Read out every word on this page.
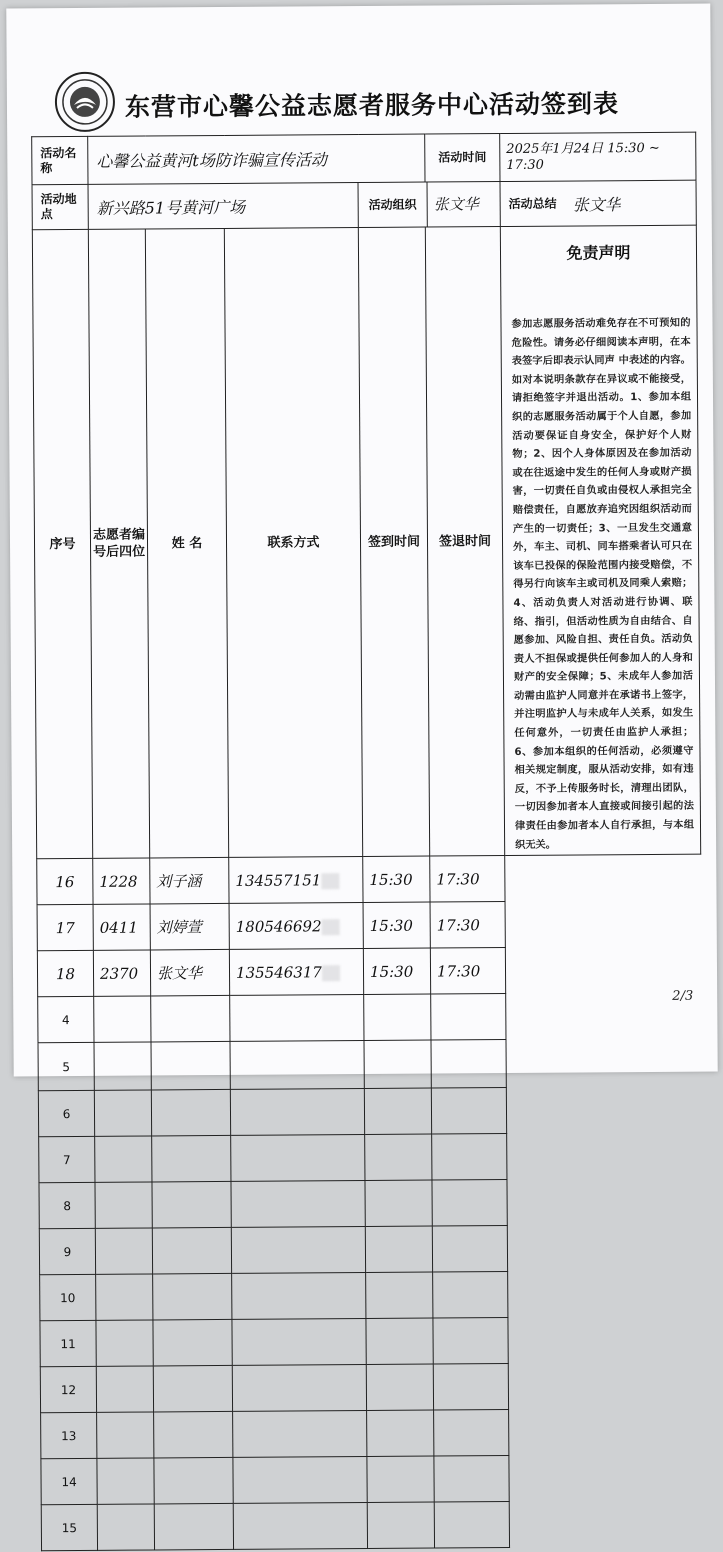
东营市心馨公益志愿者服务中心活动签到表
活动名称	心馨公益黄河t场防诈骗宣传活动				活动时间	2025年1月24日 15:30 ~ 17:30
活动地点	新兴路51号黄河广场			活动组织 张文华		活动总结 张文华

序号	志愿者编号后四位	姓 名	联系方式	签到时间	签退时间	免责声明
参加志愿服务活动难免存在不可预知的危险性。请务必仔细阅读本声明，在本表签字后即表示认同声 中表述的内容。如对本说明条款存在异议或不能接受，请拒绝签字并退出活动。1、参加本组织的志愿服务活动属于个人自愿，参加活动要保证自身安全，保护好个人财物；2、因个人身体原因及在参加活动或在往返途中发生的任何人身或财产损害，一切责任自负或由侵权人承担完全赔偿责任，自愿放弃追究因组织活动而产生的一切责任；3、一旦发生交通意外，车主、司机、同车搭乘者认可只在该车已投保的保险范围内接受赔偿，不得另行向该车主或司机及同乘人索赔；4、活动负责人对活动进行协调、联络、指引，但活动性质为自由结合、自愿参加、风险自担、责任自负。活动负责人不担保或提供任何参加人的人身和财产的安全保障；5、未成年人参加活动需由监护人同意并在承诺书上签字，并注明监护人与未成年人关系，如发生任何意外，一切责任由监护人承担；6、参加本组织的任何活动，必须遵守相关规定制度，服从活动安排，如有违反，不予上传服务时长，清理出团队，一切因参加者本人直接或间接引起的法律责任由参加者本人自行承担，与本组织无关。

16	1228	刘子涵	134557151	15:30	17:30	
17	0411	刘婷萱	180546692	15:30	17:30	
18	2370	张文华	135546317	15:30	17:30	
4						
5						
6						
7						
8						
9						
10						
11						
12						
13						
14						
15						
2/3
